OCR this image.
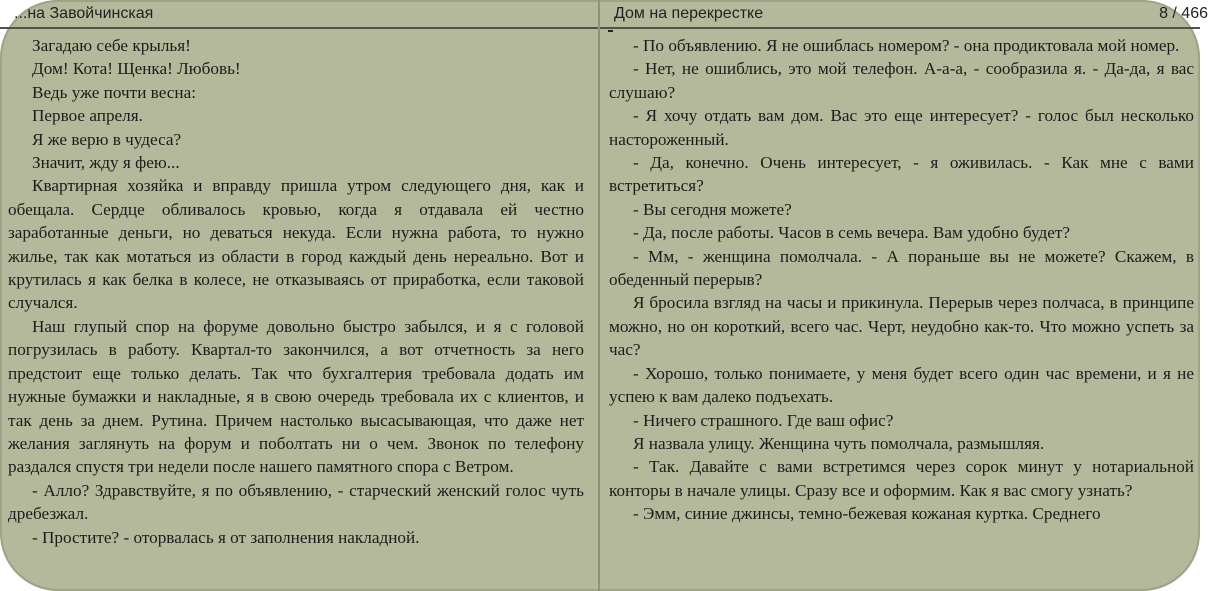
...на Завойчинская

Загадаю себе крылья!

Дом! Кота! Щенка! Любовь!

Ведь уже почти весна:

Первое апреля.

Я же верю в чудеса?

Значит, жду я фею...

Квартирная хозяйка и вправду пришла утром следующего дня, как и обещала. Сердце обливалось кровью, когда я отдавала ей честно заработанные деньги, но деваться некуда. Если нужна работа, то нужно жилье, так как мотаться из области в город каждый день нереально. Вот и крутилась я как белка в колесе, не отказываясь от приработка, если таковой случался.

Наш глупый спор на форуме довольно быстро забылся, и я с головой погрузилась в работу. Квартал-то закончился, а вот отчетность за него предстоит еще только делать. Так что бухгалтерия требовала додать им нужные бумажки и накладные, я в свою очередь требовала их с клиентов, и так день за днем. Рутина. Причем настолько высасывающая, что даже нет желания заглянуть на форум и поболтать ни о чем. Звонок по телефону раздался спустя три недели после нашего памятного спора с Ветром.

- Алло? Здравствуйте, я по объявлению, - старческий женский голос чуть дребезжал.

- Простите? - оторвалась я от заполнения накладной.

Дом на перекрестке	8 / 466

- По объявлению. Я не ошиблась номером? - она продиктовала мой номер.

- Нет, не ошиблись, это мой телефон. А-а-а, - сообразила я. - Да-да, я вас слушаю?

- Я хочу отдать вам дом. Вас это еще интересует? - голос был несколько настороженный.

- Да, конечно. Очень интересует, - я оживилась. - Как мне с вами встретиться?

- Вы сегодня можете?

- Да, после работы. Часов в семь вечера. Вам удобно будет?

- Мм, - женщина помолчала. - А пораньше вы не можете? Скажем, в обеденный перерыв?

Я бросила взгляд на часы и прикинула. Перерыв через полчаса, в принципе можно, но он короткий, всего час. Черт, неудобно как-то. Что можно успеть за час?

- Хорошо, только понимаете, у меня будет всего один час времени, и я не успею к вам далеко подъехать.

- Ничего страшного. Где ваш офис?

Я назвала улицу. Женщина чуть помолчала, размышляя.

- Так. Давайте с вами встретимся через сорок минут у нотариальной конторы в начале улицы. Сразу все и оформим. Как я вас смогу узнать?

- Эмм, синие джинсы, темно-бежевая кожаная куртка. Среднего
